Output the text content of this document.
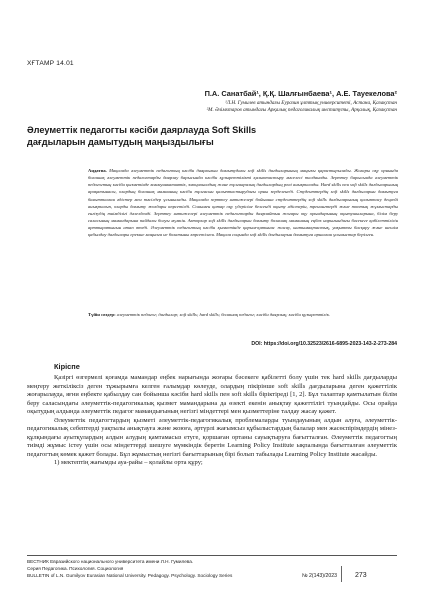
ХҒТАМР 14.01
П.А. Санатбай¹, Қ.Қ. Шалғынбаева¹, А.Е. Тауекелова²
¹Л.Н. Гумилев атындағы Еуразия ұлттық университеті, Астана, Қазақстан
²М. Әлімхтаров атындағы Арқалық педагогикалық институты, Арқалық, Қазақстан
Әлеуметтік педагогты кәсіби даярлауда Soft Skills
дағдыларын дамытудың маңыздылығы
Аңдатпа. Мақалада әлеуметтік педагогтың кәсіби даярлығын дамытудағы soft skills дағдыларының маңызы қарастырылады. Жоғары оқу орнында болашақ әлеуметтік педагогтарды даярлау барысында кәсіби құзыреттілікті қалыптастыру мәселесі талданады. Зерттеу барысында әлеуметтік педагогтың кәсіби қызметінде коммуникативтік, эмоционалдық және тұлғааралық дағдылардың рөлі анықталады. Hard skills пен soft skills дағдыларының арақатынасы, олардың болашақ маманның кәсіби тұлғасын қалыптастырудағы орны зерделенеді. Студенттердің soft skills дағдыларын дамытуға бағытталған әдістер мен тәсілдер ұсынылады. Мақалада зерттеу нәтижелері бойынша студенттердің soft skills дағдыларының қалыптасу деңгейі анықталып, оларды дамыту жолдары көрсетілді. Сонымен қатар оқу үдерісіне белсенді оқыту әдістерін, тренингтерді және топтық жұмыстарды енгізудің тиімділігі дәлелденді. Зерттеу нәтижелері әлеуметтік педагогтарды даярлайтын жоғары оқу орындарының оқытушыларына, білім беру саласының мамандарына пайдалы болуы мүмкін. Авторлар soft skills дағдыларын дамыту болашақ маманның еңбек нарығындағы бәсекеге қабілеттілігін арттыратынын атап өтеді. Әлеуметтік педагогтың кәсіби қызметінде қарым-қатынас жасау, ынтымақтастық, уақытты басқару және шешім қабылдау дағдылары ерекше маңызға ие болатыны көрсетілген. Мақала соңында soft skills дағдыларын дамытуға арналған ұсыныстар берілген.
Түйін сөздер: әлеуметтік педагог; дағдылар; soft skills; hard skills; болашақ педагог; кәсіби даярлық; кәсіби құзыреттілік.
DOI: https://doi.org/10.32523/2616-6895-2023-143-2-273-284
Кіріспе

Қазіргі өзгермелі қоғамда мамандар еңбек нарығында жоғары бәсекеге қабілетті болу үшін тек hard skills дағдыларды меңгеру жеткіліксіз деген тұжырымға келген ғалымдар көлеуде, олардың пікірінше soft skills дағдыларына деген қажеттілік жоғарылауда, яғни еңбекте қабылдау сан бойынша кәсіби hard skills пен soft skills біріктіреді [1, 2]. Бұл талаптар қамтылатын білім беру саласындағы әлеуметтік-педагогикалық қызмет мамандарына да өзекті екенін анықтау қажеттілігі туындайды. Осы орайда оқытудың алдында әлеуметтік педагог мамандығының негізгі міндеттері мен қызметтеріне талдау жасау қажет.

Әлеуметтік педагогтардың қызметі әлеуметтік-педагогикалық проблемаларды туындауының алдын алуға, әлеуметтік-педагогикалық себептерді уақтылы анықтауға және жоюға, әртүрлі жағымсыз құбылыстардың балалар мен жасөспірімдердің мінез-құлқындағы ауытқулардың алдын алудың қамтамасыз етуге, қоршаған ортаны сауықтыруға бағытталған. Әлеуметтік педагогтың тиімді жұмыс істеу үшін осы міндеттерді шешуге мүмкіндік беретін Learning Policy Institute ықпалында бағытталған әлеуметтік педагогтың көмек қажет болады. Бұл жұмыстың негізгі бағыттарының бірі болып табылады Learning Policy Institute жасайды.

1) мектептің жағымды ауа-райы – қолайлы орта құру;

ВЕСТНИК Евразийского национального университета имени Л.Н. Гумилева.
Серия Педагогика. Психология. Социология
BULLETIN of L.N. Gumilyov Eurasian National University. Pedagogy. Psychology. Sociology Series	№ 2(143)/2023	273
